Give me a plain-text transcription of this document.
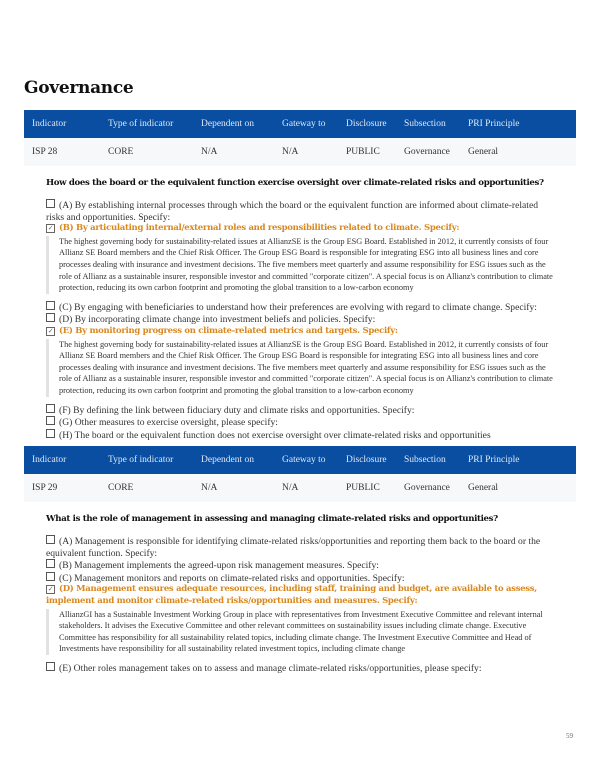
Governance
Indicator	Type of indicator	Dependent on	Gateway to	Disclosure	Subsection	PRI Principle
ISP 28	CORE	N/A	N/A	PUBLIC	Governance	General
How does the board or the equivalent function exercise oversight over climate-related risks and opportunities?
(A) By establishing internal processes through which the board or the equivalent function are informed about climate-related risks and opportunities. Specify:
✓ (B) By articulating internal/external roles and responsibilities related to climate. Specify:
The highest governing body for sustainability-related issues at AllianzSE is the Group ESG Board. Established in 2012, it currently consists of four Allianz SE Board members and the Chief Risk Officer. The Group ESG Board is responsible for integrating ESG into all business lines and core processes dealing with insurance and investment decisions. The five members meet quarterly and assume responsibility for ESG issues such as the role of Allianz as a sustainable insurer, responsible investor and committed "corporate citizen". A special focus is on Allianz's contribution to climate protection, reducing its own carbon footprint and promoting the global transition to a low-carbon economy
(C) By engaging with beneficiaries to understand how their preferences are evolving with regard to climate change. Specify:
(D) By incorporating climate change into investment beliefs and policies. Specify:
✓ (E) By monitoring progress on climate-related metrics and targets. Specify:
The highest governing body for sustainability-related issues at AllianzSE is the Group ESG Board. Established in 2012, it currently consists of four Allianz SE Board members and the Chief Risk Officer. The Group ESG Board is responsible for integrating ESG into all business lines and core processes dealing with insurance and investment decisions. The five members meet quarterly and assume responsibility for ESG issues such as the role of Allianz as a sustainable insurer, responsible investor and committed "corporate citizen". A special focus is on Allianz's contribution to climate protection, reducing its own carbon footprint and promoting the global transition to a low-carbon economy
(F) By defining the link between fiduciary duty and climate risks and opportunities. Specify:
(G) Other measures to exercise oversight, please specify:
(H) The board or the equivalent function does not exercise oversight over climate-related risks and opportunities
Indicator	Type of indicator	Dependent on	Gateway to	Disclosure	Subsection	PRI Principle
ISP 29	CORE	N/A	N/A	PUBLIC	Governance	General
What is the role of management in assessing and managing climate-related risks and opportunities?
(A) Management is responsible for identifying climate-related risks/opportunities and reporting them back to the board or the equivalent function. Specify:
(B) Management implements the agreed-upon risk management measures. Specify:
(C) Management monitors and reports on climate-related risks and opportunities. Specify:
✓ (D) Management ensures adequate resources, including staff, training and budget, are available to assess, implement and monitor climate-related risks/opportunities and measures. Specify:
AllianzGI has a Sustainable Investment Working Group in place with representatives from Investment Executive Committee and relevant internal stakeholders. It advises the Executive Committee and other relevant committees on sustainability issues including climate change. Executive Committee has responsibility for all sustainability related topics, including climate change. The Investment Executive Committee and Head of Investments have responsibility for all sustainability related investment topics, including climate change
(E) Other roles management takes on to assess and manage climate-related risks/opportunities, please specify:
59
